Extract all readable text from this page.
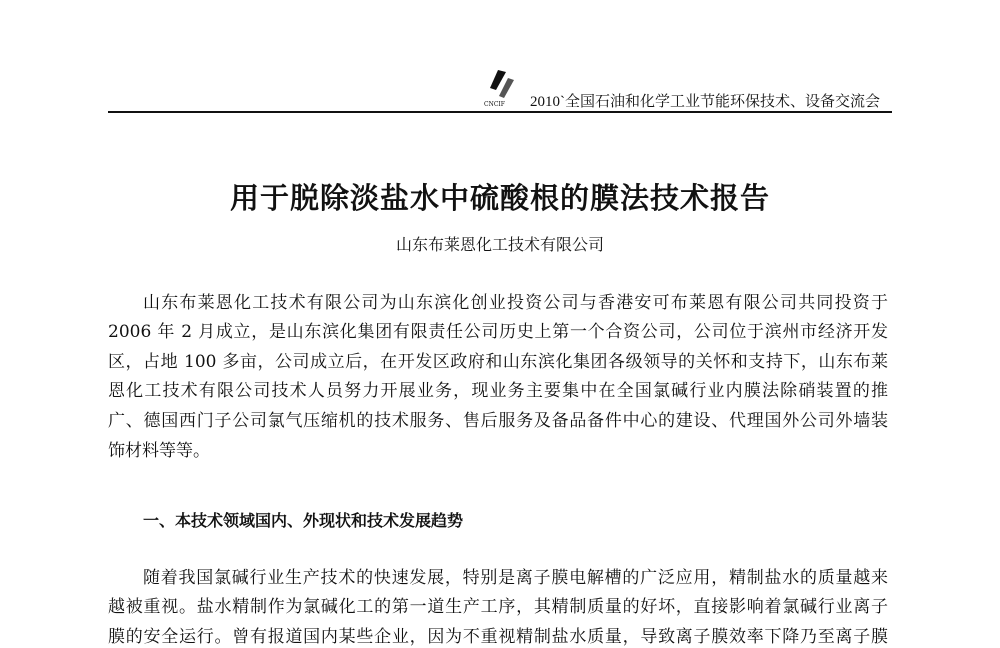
CNCIF 2010`全国石油和化学工业节能环保技术、设备交流会
用于脱除淡盐水中硫酸根的膜法技术报告
山东布莱恩化工技术有限公司
山东布莱恩化工技术有限公司为山东滨化创业投资公司与香港安可布莱恩有限公司共同投资于
2006 年 2 月成立，是山东滨化集团有限责任公司历史上第一个合资公司，公司位于滨州市经济开发
区，占地 100 多亩，公司成立后，在开发区政府和山东滨化集团各级领导的关怀和支持下，山东布莱
恩化工技术有限公司技术人员努力开展业务，现业务主要集中在全国氯碱行业内膜法除硝装置的推
广、德国西门子公司氯气压缩机的技术服务、售后服务及备品备件中心的建设、代理国外公司外墙装
饰材料等等。
一、本技术领域国内、外现状和技术发展趋势
随着我国氯碱行业生产技术的快速发展，特别是离子膜电解槽的广泛应用，精制盐水的质量越来
越被重视。盐水精制作为氯碱化工的第一道生产工序，其精制质量的好坏，直接影响着氯碱行业离子
膜的安全运行。曾有报道国内某些企业，因为不重视精制盐水质量，导致离子膜效率下降乃至离子膜
